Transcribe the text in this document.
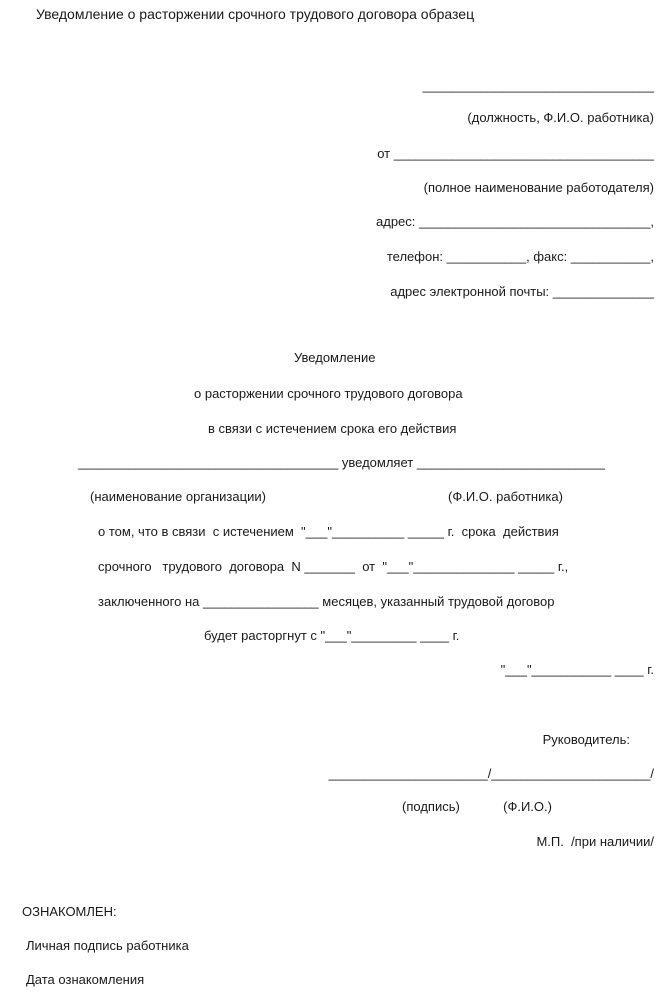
Уведомление о расторжении срочного трудового договора образец
________________________________
(должность, Ф.И.О. работника)
от ____________________________________
(полное наименование работодателя)
адрес: ________________________________,
телефон: ___________, факс: ___________,
адрес электронной почты: ______________
Уведомление
о расторжении срочного трудового договора
в связи с истечением срока его действия
____________________________________ уведомляет __________________________
(наименование организации)	(Ф.И.О. работника)
о том, что в связи  с истечением  "___"__________ _____ г.  срока  действия
срочного   трудового  договора  N _______  от  "___"______________ _____ г.,
заключенного на ________________ месяцев, указанный трудовой договор
будет расторгнут с "___"_________ ____ г.
"___"___________ ____ г.
Руководитель:
______________________/______________________/
(подпись)            (Ф.И.О.)
М.П.  /при наличии/
ОЗНАКОМЛЕН:
Личная подпись работника
Дата ознакомления
